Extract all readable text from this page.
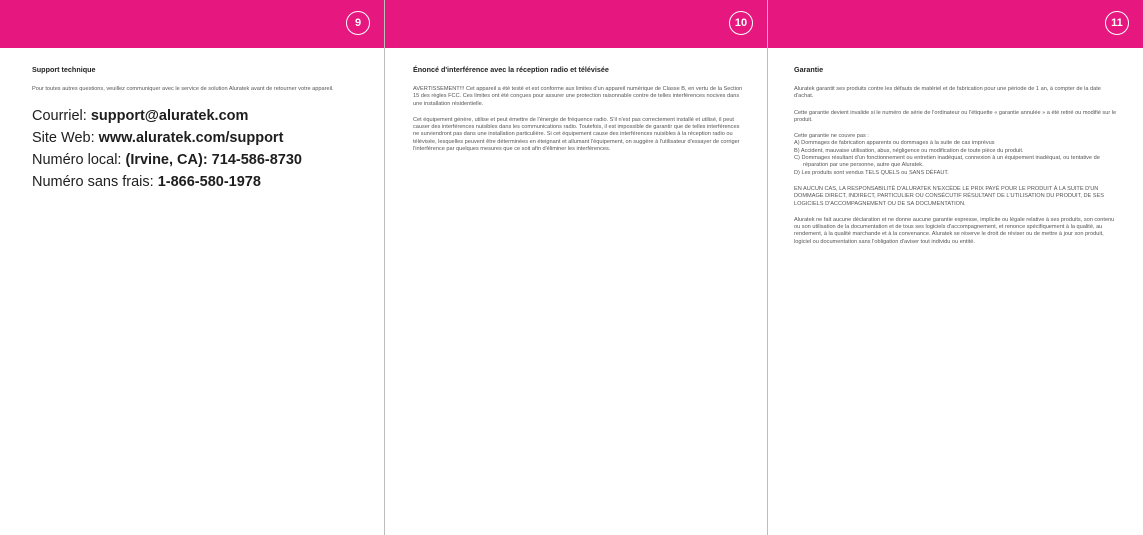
9
Support technique

Pour toutes autres questions, veuillez communiquer avec le service de solution Aluratek avant de retourner votre appareil.

Courriel: support@aluratek.com
Site Web: www.aluratek.com/support
Numéro local: (Irvine, CA): 714-586-8730
Numéro sans frais: 1-866-580-1978
10
Énoncé d'interférence avec la réception radio et télévisée

AVERTISSEMENT!!! Cet appareil a été testé et est conforme aux limites d'un appareil numérique de Classe B, en vertu de la Section 15 des règles FCC. Ces limites ont été conçues pour assurer une protection raisonnable contre de telles interférences nocives dans une installation résidentielle.

Cet équipement génère, utilise et peut émettre de l'énergie de fréquence radio. S'il n'est pas correctement installé et utilisé, il peut causer des interférences nuisibles dans les communications radio. Toutefois, il est impossible de garantir que de telles interférences ne surviendront pas dans une installation particulière. Si cet équipement cause des interférences nuisibles à la réception radio ou télévisée, lesquelles peuvent être déterminées en éteignant et allumant l'équipement, on suggère à l'utilisateur d'essayer de corriger l'interférence par quelques mesures que ce soit afin d'éliminer les interférences.

11
Garantie

Aluratek garantit ses produits contre les défauts de matériel et de fabrication pour une période de 1 an, à compter de la date d'achat.

Cette garantie devient invalide si le numéro de série de l'ordinateur ou l'étiquette « garantie annulée » a été retiré ou modifié sur le produit.

Cette garantie ne couvre pas :

A) Dommages de fabrication apparents ou dommages à la suite de cas imprévus
B) Accident, mauvaise utilisation, abus, négligence ou modification de toute pièce du produit.
C) Dommages résultant d'un fonctionnement ou entretien inadéquat, connexion à un équipement inadéquat, ou tentative de réparation par une personne, autre que Aluratek.
D) Les produits sont vendus TELS QUELS ou SANS DÉFAUT.

EN AUCUN CAS, LA RESPONSABILITÉ D'ALURATEK N'EXCÈDE LE PRIX PAYÉ POUR LE PRODUIT À LA SUITE D'UN DOMMAGE DIRECT, INDIRECT, PARTICULIER OU CONSÉCUTIF RÉSULTANT DE L'UTILISATION DU PRODUIT, DE SES LOGICIELS D'ACCOMPAGNEMENT OU DE SA DOCUMENTATION.

Aluratek ne fait aucune déclaration et ne donne aucune garantie expresse, implicite ou légale relative à ses produits, son contenu ou son utilisation de la documentation et de tous ses logiciels d'accompagnement, et renonce spécifiquement à la qualité, au rendement, à la qualité marchande et à la convenance. Aluratek se réserve le droit de réviser ou de mettre à jour son produit, logiciel ou documentation sans l'obligation d'aviser tout individu ou entité.
